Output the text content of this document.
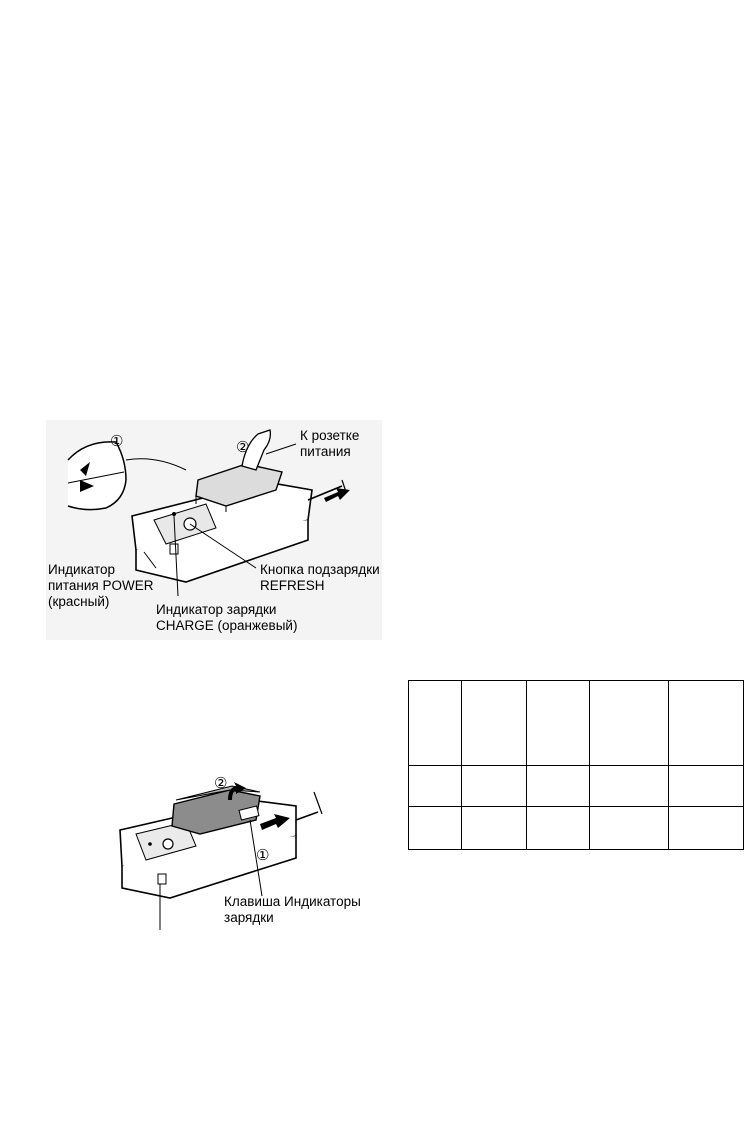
①	②
К розетке
питания
Индикатор
питания POWER
(красный)
Кнопка подзарядки
REFRESH
Индикатор зарядки
CHARGE (оранжевый)
②
①
Клавиша Индикаторы
зарядки
